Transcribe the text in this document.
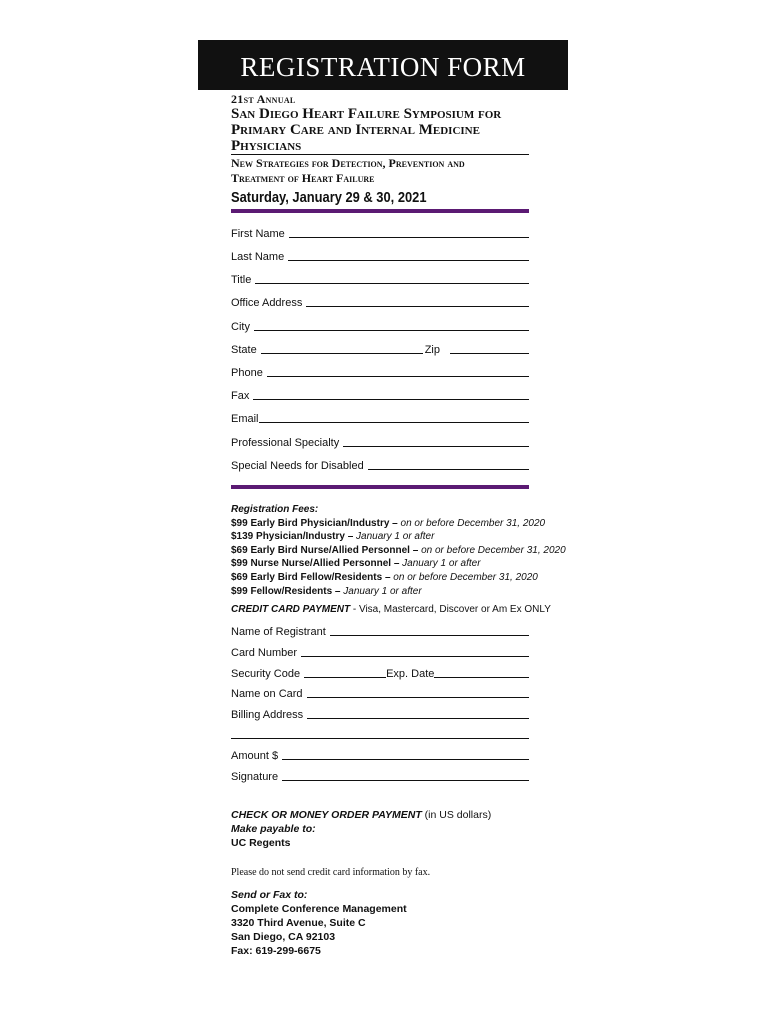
REGISTRATION FORM
21st Annual
San Diego Heart Failure Symposium for
Primary Care and Internal Medicine
Physicians
New Strategies for Detection, Prevention and
Treatment of Heart Failure
Saturday, January 29 & 30, 2021
First Name
Last Name
Title
Office Address
City
State	Zip
Phone
Fax
Email
Professional Specialty
Special Needs for Disabled
Registration Fees:
$99 Early Bird Physician/Industry – on or before December 31, 2020
$139 Physician/Industry – January 1 or after
$69 Early Bird Nurse/Allied Personnel – on or before December 31, 2020
$99 Nurse Nurse/Allied Personnel – January 1 or after
$69 Early Bird Fellow/Residents – on or before December 31, 2020
$99 Fellow/Residents – January 1 or after
CREDIT CARD PAYMENT - Visa, Mastercard, Discover or Am Ex ONLY
Name of Registrant
Card Number
Security Code	Exp. Date
Name on Card
Billing Address
Amount $
Signature
CHECK OR MONEY ORDER PAYMENT (in US dollars)
Make payable to:
UC Regents
Please do not send credit card information by fax.
Send or Fax to:
Complete Conference Management
3320 Third Avenue, Suite C
San Diego, CA 92103
Fax: 619-299-6675
